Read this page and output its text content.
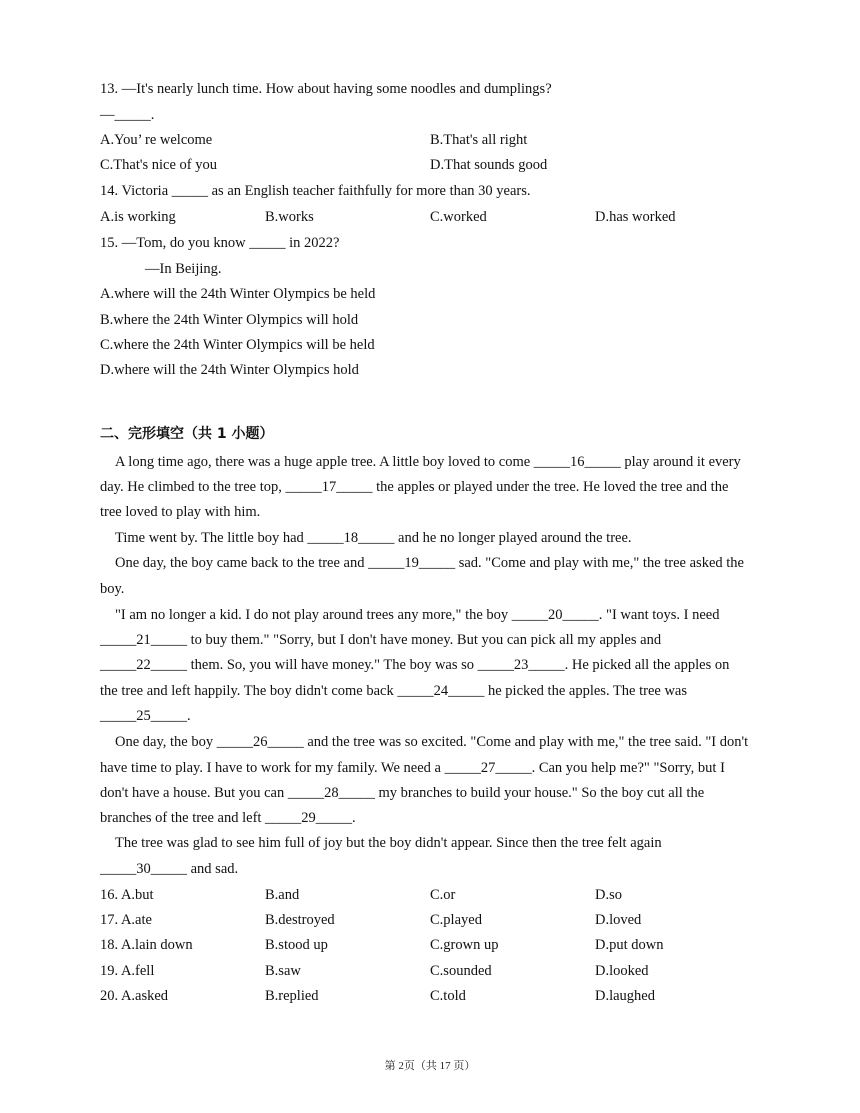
13. —It's nearly lunch time. How about having some noodles and dumplings?
—_____.
A.You’ re welcome	B.That's all right
C.That's nice of you	D.That sounds good
14. Victoria _____ as an English teacher faithfully for more than 30 years.
A.is working	B.works	C.worked	D.has worked
15. —Tom, do you know _____ in 2022?
—In Beijing.
A.where will the 24th Winter Olympics be held
B.where the 24th Winter Olympics will hold
C.where the 24th Winter Olympics will be held
D.where will the 24th Winter Olympics hold
二、完形填空（共 1 小题）
A long time ago, there was a huge apple tree. A little boy loved to come _____16_____ play around it every
day. He climbed to the tree top, _____17_____ the apples or played under the tree. He loved the tree and the
tree loved to play with him.
Time went by. The little boy had _____18_____ and he no longer played around the tree.
One day, the boy came back to the tree and _____19_____ sad. "Come and play with me," the tree asked the
boy.
"I am no longer a kid. I do not play around trees any more," the boy _____20_____. "I want toys. I need
_____21_____ to buy them." "Sorry, but I don't have money. But you can pick all my apples and
_____22_____ them. So, you will have money." The boy was so _____23_____. He picked all the apples on
the tree and left happily. The boy didn't come back _____24_____ he picked the apples. The tree was
_____25_____.
One day, the boy _____26_____ and the tree was so excited. "Come and play with me," the tree said. "I don't
have time to play. I have to work for my family. We need a _____27_____. Can you help me?" "Sorry, but I
don't have a house. But you can _____28_____ my branches to build your house." So the boy cut all the
branches of the tree and left _____29_____.
The tree was glad to see him full of joy but the boy didn't appear. Since then the tree felt again
_____30_____ and sad.
16. A.but	B.and	C.or	D.so
17. A.ate	B.destroyed	C.played	D.loved
18. A.lain down	B.stood up	C.grown up	D.put down
19. A.fell	B.saw	C.sounded	D.looked
20. A.asked	B.replied	C.told	D.laughed
第 2页（共 17 页）
